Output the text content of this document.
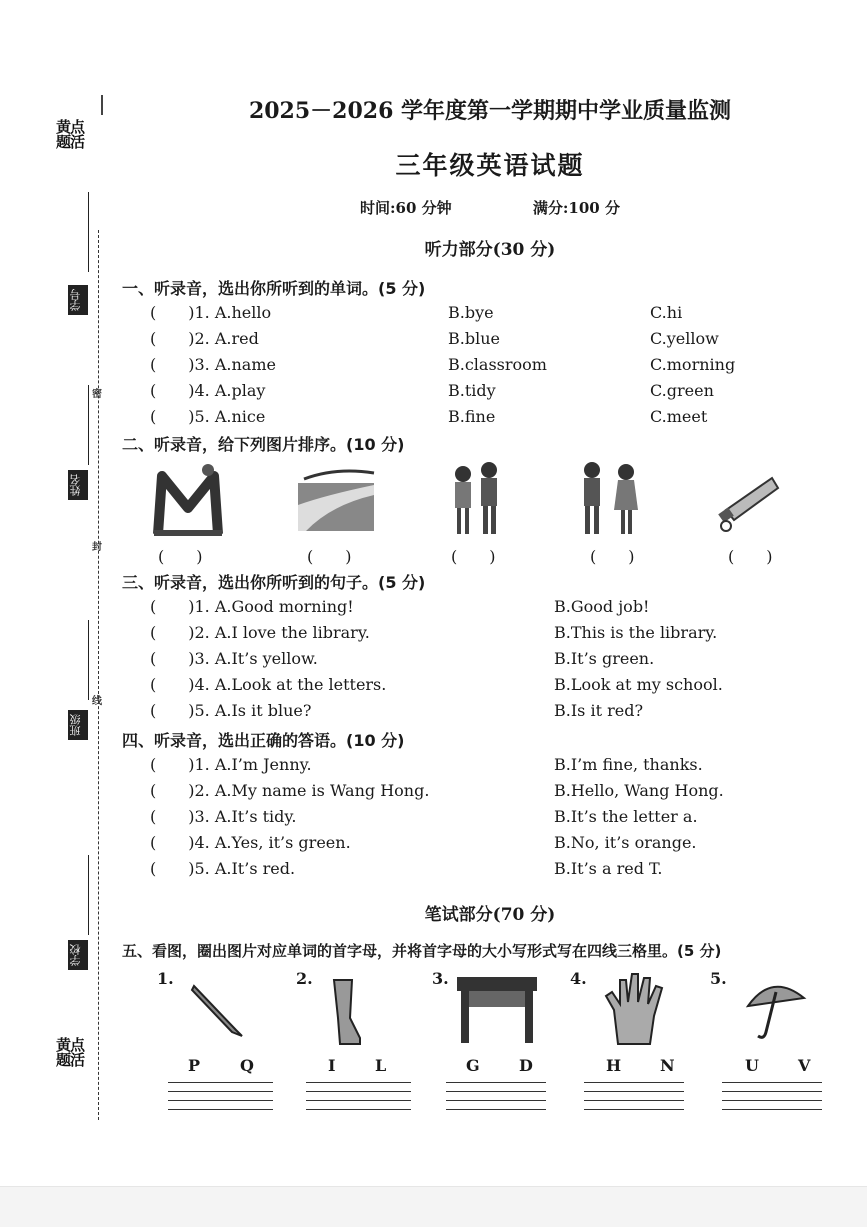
黄点
题活
学号
密
姓名
封
线
班级
学校
黄点
题活
2025－2026 学年度第一学期期中学业质量监测
三年级英语试题
时间:60 分钟	满分:100 分
听力部分(30 分)
一、听录音，选出你所听到的单词。(5 分)
(　　)1. A.hello	B.bye	C.hi
(　　)2. A.red	B.blue	C.yellow
(　　)3. A.name	B.classroom	C.morning
(　　)4. A.play	B.tidy	C.green
(　　)5. A.nice	B.fine	C.meet
二、听录音，给下列图片排序。(10 分)
(　　)	(　　)	(　　)	(　　)	(　　)
三、听录音，选出你所听到的句子。(5 分)
(　　)1. A.Good morning!	B.Good job!
(　　)2. A.I love the library.	B.This is the library.
(　　)3. A.It’s yellow.	B.It’s green.
(　　)4. A.Look at the letters.	B.Look at my school.
(　　)5. A.Is it blue?	B.Is it red?
四、听录音，选出正确的答语。(10 分)
(　　)1. A.I’m Jenny.	B.I’m fine, thanks.
(　　)2. A.My name is Wang Hong.	B.Hello, Wang Hong.
(　　)3. A.It’s tidy.	B.It’s the letter a.
(　　)4. A.Yes, it’s green.	B.No, it’s orange.
(　　)5. A.It’s red.	B.It’s a red T.
笔试部分(70 分)
五、看图，圈出图片对应单词的首字母，并将首字母的大小写形式写在四线三格里。(5 分)
1.
P Q
2.
I L
3.
G D
4.
H N
5.
U V
